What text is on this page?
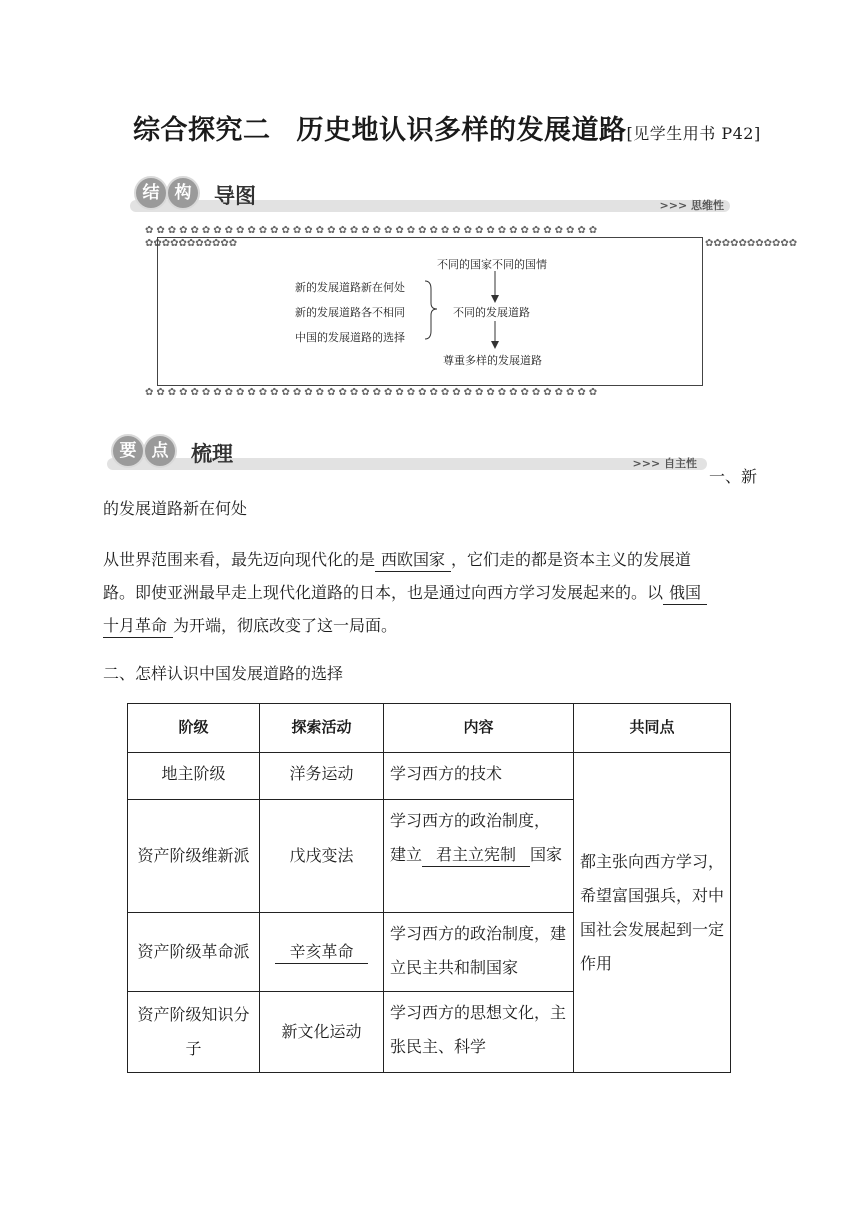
综合探究二 历史地认识多样的发展道路[见学生用书 P42]
结 构	导图	>>> 思维性
✿✿✿✿✿✿✿✿✿✿✿✿✿✿✿✿✿✿✿✿✿✿✿✿✿✿✿✿✿✿✿✿✿✿✿✿✿✿✿✿
✿✿✿✿✿✿✿✿✿✿✿✿✿✿✿✿✿✿✿✿✿✿✿✿✿✿✿✿✿✿✿✿✿✿✿✿✿✿✿✿
✿✿✿✿✿✿✿✿✿✿✿	✿✿✿✿✿✿✿✿✿✿✿
新的发展道路新在何处
新的发展道路各不相同
中国的发展道路的选择
不同的国家不同的国情
不同的发展道路
尊重多样的发展道路
要 点	梳理	>>> 自主性
一、新
的发展道路新在何处
从世界范围来看，最先迈向现代化的是 西欧国家 ，它们走的都是资本主义的发展道
路。即使亚洲最早走上现代化道路的日本，也是通过向西方学习发展起来的。以 俄国
十月革命 为开端，彻底改变了这一局面。
二、怎样认识中国发展道路的选择
阶级	探索活动	内容	共同点
地主阶级	洋务运动	学习西方的技术	都主张向西方学习，希望富国强兵，对中国社会发展起到一定作用
资产阶级维新派	戊戌变法	学习西方的政治制度，
建立 君主立宪制 国家	
资产阶级革命派	辛亥革命	学习西方的政治制度，建立民主共和制国家	
资产阶级知识分子	新文化运动	学习西方的思想文化，主张民主、科学	
